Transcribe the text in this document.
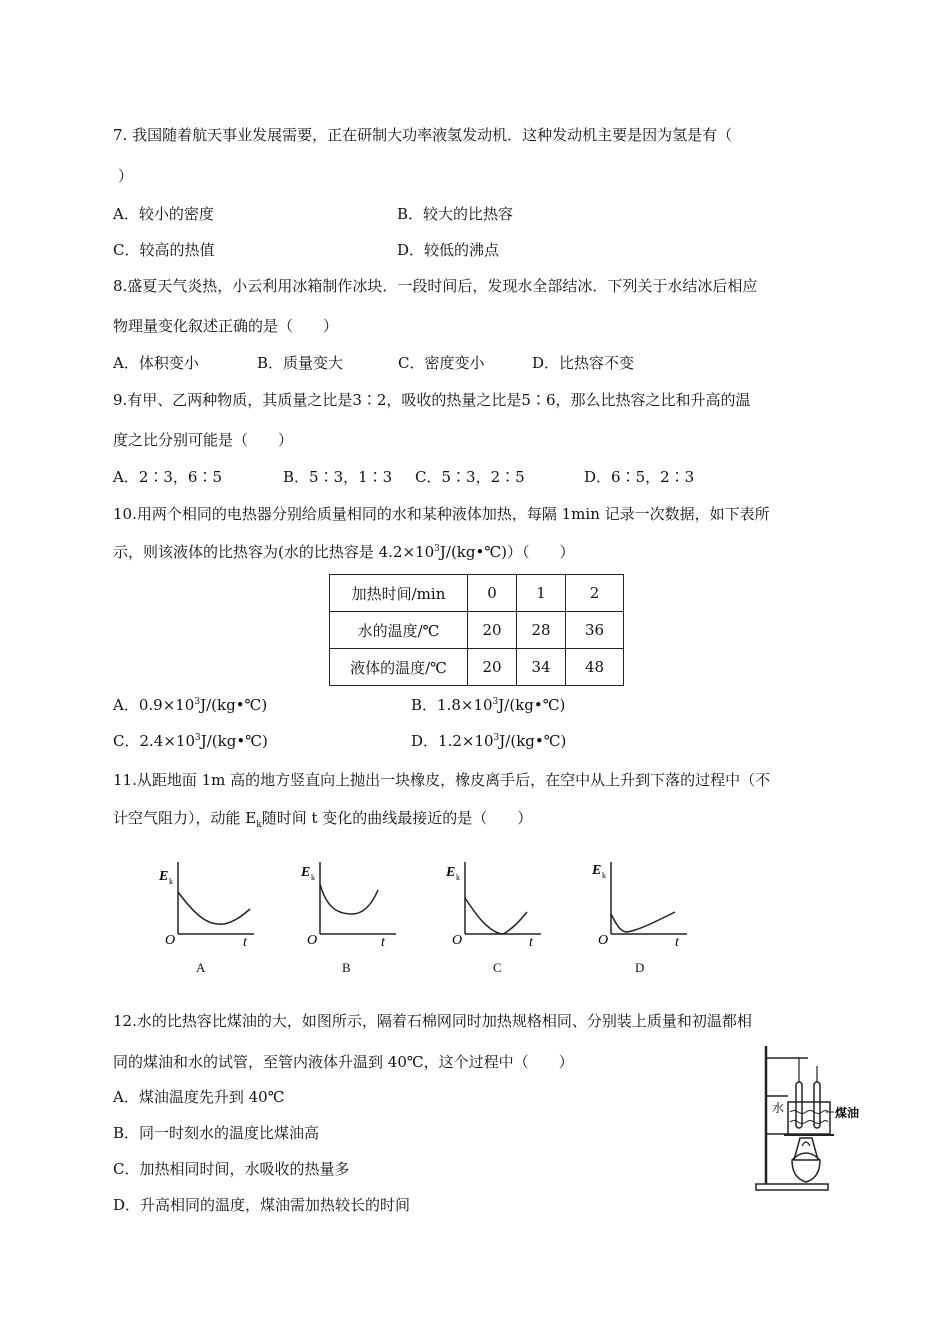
7. 我国随着航天事业发展需要，正在研制大功率液氢发动机．这种发动机主要是因为氢是有（
）
A．较小的密度	B．较大的比热容
C．较高的热值	D．较低的沸点
8.盛夏天气炎热，小云利用冰箱制作冰块．一段时间后，发现水全部结冰．下列关于水结冰后相应
物理量变化叙述正确的是（　　）
A．体积变小	B．质量变大	C．密度变小	D．比热容不变
9.有甲、乙两种物质，其质量之比是3∶2，吸收的热量之比是5∶6，那么比热容之比和升高的温
度之比分别可能是（　　）
A．2∶3，6∶5	B．5∶3，1∶3 C．5∶3，2∶5	D．6∶5，2∶3
10.用两个相同的电热器分别给质量相同的水和某种液体加热，每隔 1min 记录一次数据，如下表所
示，则该液体的比热容为(水的比热容是 $4.2\times 10^3J/(kg•℃)$）（　　）
加热时间/min	0	1	2
水的温度/℃	20	28	36
液体的温度/℃	20	34	48
A．$0.9\times 10^3J/(kg•℃)$	B．$1.8\times 10^3J/(kg•℃)$
C．$2.4\times 10^3J/(kg•℃)$	D．$1.2\times 10^3J/(kg•℃)$
11.从距地面 1m 高的地方竖直向上抛出一块橡皮，橡皮离手后，在空中从上升到下落的过程中（不
计空气阻力），动能 $E_k$随时间 t 变化的曲线最接近的是（　　）
E k
O	t
A
E k
O	t
B
E k
O	t
C
E k
O	t
D
12.水的比热容比煤油的大，如图所示，隔着石棉网同时加热规格相同、分别装上质量和初温都相
同的煤油和水的试管，至管内液体升温到 40℃，这个过程中（　　）
A．煤油温度先升到 40℃
B．同一时刻水的温度比煤油高
C．加热相同时间，水吸收的热量多
D．升高相同的温度，煤油需加热较长的时间
水	煤油
